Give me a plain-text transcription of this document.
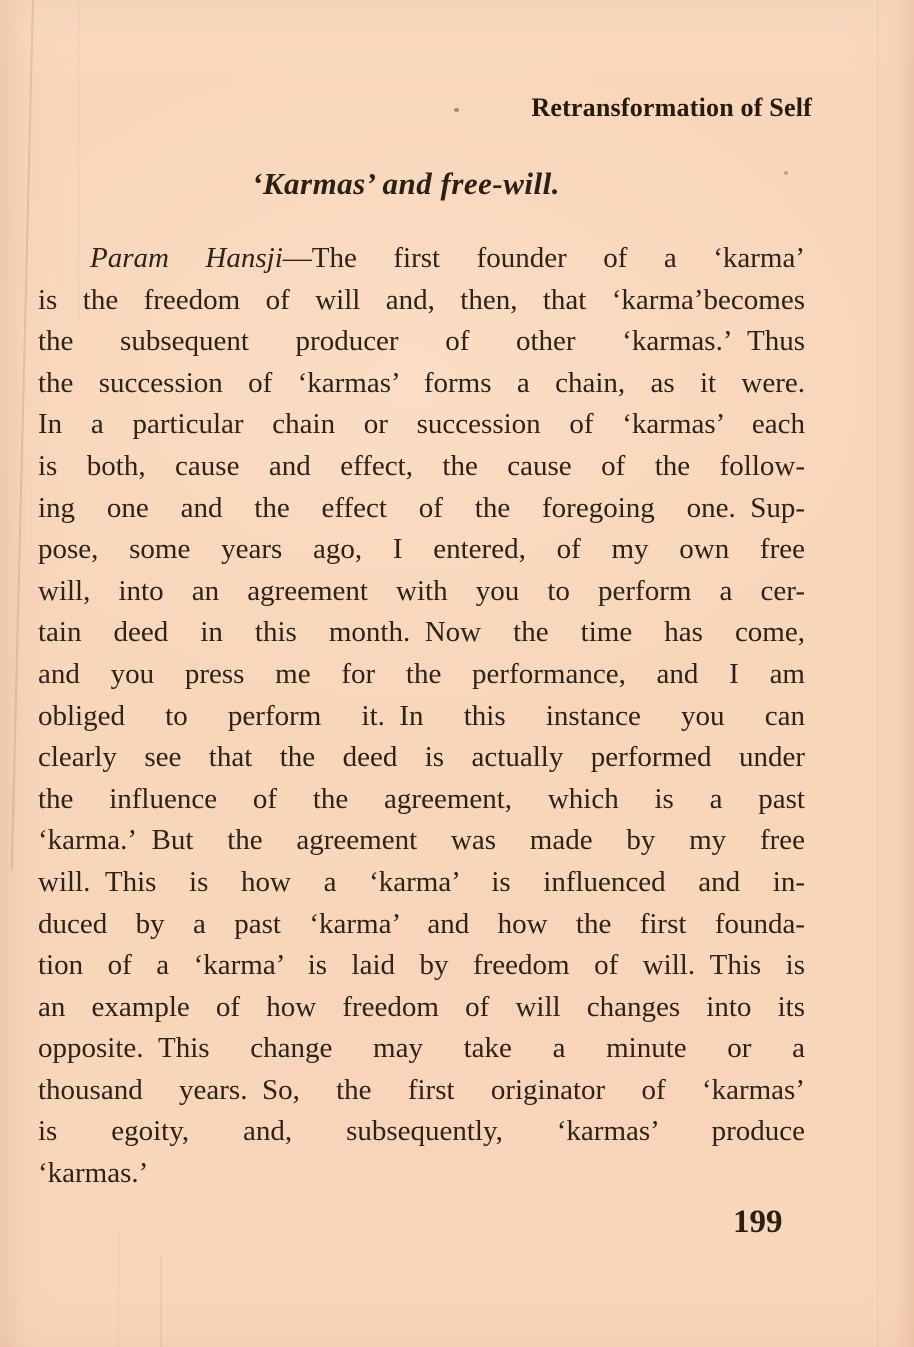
Retransformation of Self
‘Karmas’ and free-will.
Param Hansji—The first founder of a ‘karma’
is the freedom of will and, then, that ‘karma’becomes
the subsequent producer of other ‘karmas.’ Thus
the succession of ‘karmas’ forms a chain, as it were.
In a particular chain or succession of ‘karmas’ each
is both, cause and effect, the cause of the follow-
ing one and the effect of the foregoing one. Sup-
pose, some years ago, I entered, of my own free
will, into an agreement with you to perform a cer-
tain deed in this month. Now the time has come,
and you press me for the performance, and I am
obliged to perform it. In this instance you can
clearly see that the deed is actually performed under
the influence of the agreement, which is a past
‘karma.’ But the agreement was made by my free
will. This is how a ‘karma’ is influenced and in-
duced by a past ‘karma’ and how the first founda-
tion of a ‘karma’ is laid by freedom of will. This is
an example of how freedom of will changes into its
opposite. This change may take a minute or a
thousand years. So, the first originator of ‘karmas’
is egoity, and, subsequently, ‘karmas’ produce
‘karmas.’
199
